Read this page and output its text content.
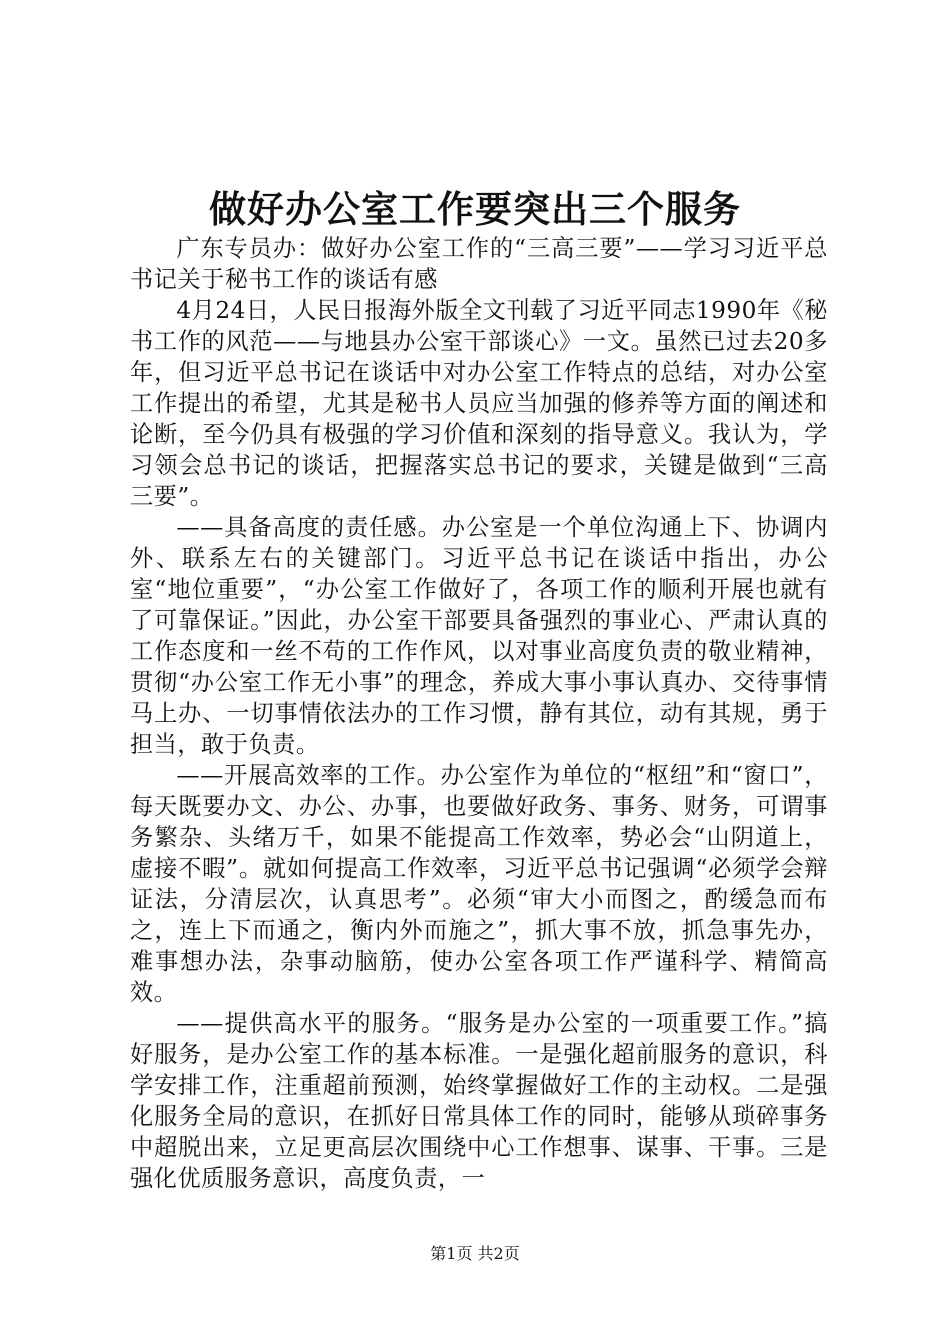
做好办公室工作要突出三个服务

广东专员办：做好办公室工作的“三高三要”——学习习近平总书记关于秘书工作的谈话有感

4月24日，人民日报海外版全文刊载了习近平同志1990年《秘书工作的风范——与地县办公室干部谈心》一文。虽然已过去20多年，但习近平总书记在谈话中对办公室工作特点的总结，对办公室工作提出的希望，尤其是秘书人员应当加强的修养等方面的阐述和论断，至今仍具有极强的学习价值和深刻的指导意义。我认为，学习领会总书记的谈话，把握落实总书记的要求，关键是做到“三高三要”。

——具备高度的责任感。办公室是一个单位沟通上下、协调内外、联系左右的关键部门。习近平总书记在谈话中指出，办公室“地位重要”，“办公室工作做好了，各项工作的顺利开展也就有了可靠保证。”因此，办公室干部要具备强烈的事业心、严肃认真的工作态度和一丝不苟的工作作风，以对事业高度负责的敬业精神，贯彻“办公室工作无小事”的理念，养成大事小事认真办、交待事情马上办、一切事情依法办的工作习惯，静有其位，动有其规，勇于担当，敢于负责。

——开展高效率的工作。办公室作为单位的“枢纽”和“窗口”，每天既要办文、办公、办事，也要做好政务、事务、财务，可谓事务繁杂、头绪万千，如果不能提高工作效率，势必会“山阴道上，虚接不暇”。就如何提高工作效率，习近平总书记强调“必须学会辩证法，分清层次，认真思考”。必须“审大小而图之，酌缓急而布之，连上下而通之，衡内外而施之”，抓大事不放，抓急事先办，难事想办法，杂事动脑筋，使办公室各项工作严谨科学、精简高效。

——提供高水平的服务。“服务是办公室的一项重要工作。”搞好服务，是办公室工作的基本标准。一是强化超前服务的意识，科学安排工作，注重超前预测，始终掌握做好工作的主动权。二是强化服务全局的意识，在抓好日常具体工作的同时，能够从琐碎事务中超脱出来，立足更高层次围绕中心工作想事、谋事、干事。三是强化优质服务意识，高度负责，一

第1页 共2页
